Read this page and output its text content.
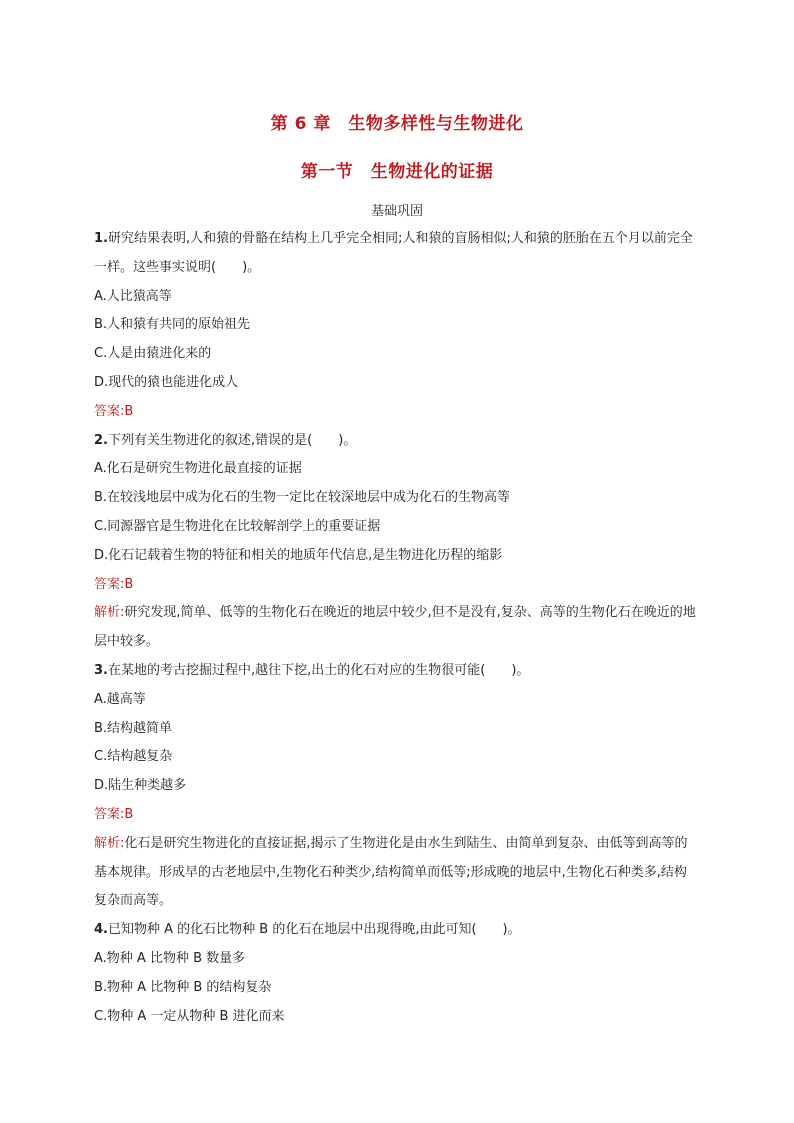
第 6 章　生物多样性与生物进化
第一节　生物进化的证据
基础巩固
1.研究结果表明,人和猿的骨骼在结构上几乎完全相同;人和猿的盲肠相似;人和猿的胚胎在五个月以前完全一样。这些事实说明(　　)。
A.人比猿高等
B.人和猿有共同的原始祖先
C.人是由猿进化来的
D.现代的猿也能进化成人
答案:B
2.下列有关生物进化的叙述,错误的是(　　)。
A.化石是研究生物进化最直接的证据
B.在较浅地层中成为化石的生物一定比在较深地层中成为化石的生物高等
C.同源器官是生物进化在比较解剖学上的重要证据
D.化石记载着生物的特征和相关的地质年代信息,是生物进化历程的缩影
答案:B
解析:研究发现,简单、低等的生物化石在晚近的地层中较少,但不是没有,复杂、高等的生物化石在晚近的地层中较多。
3.在某地的考古挖掘过程中,越往下挖,出土的化石对应的生物很可能(　　)。
A.越高等
B.结构越简单
C.结构越复杂
D.陆生种类越多
答案:B
解析:化石是研究生物进化的直接证据,揭示了生物进化是由水生到陆生、由简单到复杂、由低等到高等的基本规律。形成早的古老地层中,生物化石种类少,结构简单而低等;形成晚的地层中,生物化石种类多,结构复杂而高等。
4.已知物种 A 的化石比物种 B 的化石在地层中出现得晚,由此可知(　　)。
A.物种 A 比物种 B 数量多
B.物种 A 比物种 B 的结构复杂
C.物种 A 一定从物种 B 进化而来
